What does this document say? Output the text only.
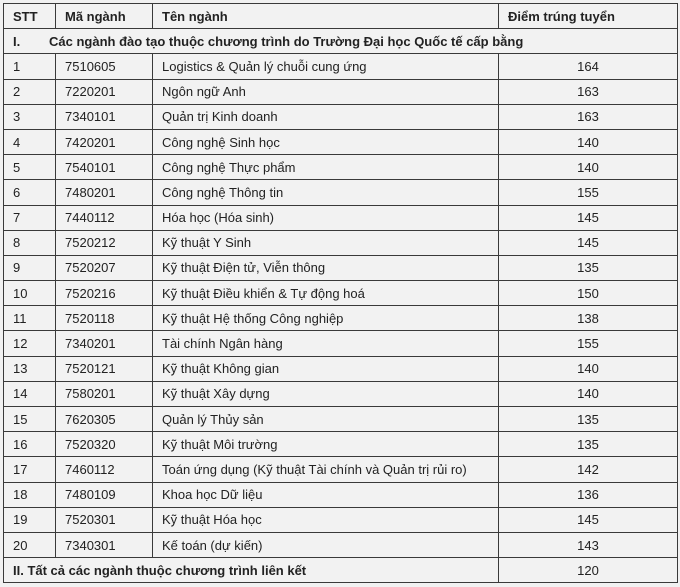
STT	Mã ngành	Tên ngành	Điểm trúng tuyển
I. Các ngành đào tạo thuộc chương trình do Trường Đại học Quốc tế cấp bằng			
1	7510605	Logistics & Quản lý chuỗi cung ứng	164
2	7220201	Ngôn ngữ Anh	163
3	7340101	Quản trị Kinh doanh	163
4	7420201	Công nghệ Sinh học	140
5	7540101	Công nghệ Thực phẩm	140
6	7480201	Công nghệ Thông tin	155
7	7440112	Hóa học (Hóa sinh)	145
8	7520212	Kỹ thuật Y Sinh	145
9	7520207	Kỹ thuật Điện tử, Viễn thông	135
10	7520216	Kỹ thuật Điều khiển & Tự động hoá	150
11	7520118	Kỹ thuật Hệ thống Công nghiệp	138
12	7340201	Tài chính Ngân hàng	155
13	7520121	Kỹ thuật Không gian	140
14	7580201	Kỹ thuật Xây dựng	140
15	7620305	Quản lý Thủy sản	135
16	7520320	Kỹ thuật Môi trường	135
17	7460112	Toán ứng dụng (Kỹ thuật Tài chính và Quản trị rủi ro)	142
18	7480109	Khoa học Dữ liệu	136
19	7520301	Kỹ thuật Hóa học	145
20	7340301	Kế toán (dự kiến)	143
II. Tất cả các ngành thuộc chương trình liên kết			120
